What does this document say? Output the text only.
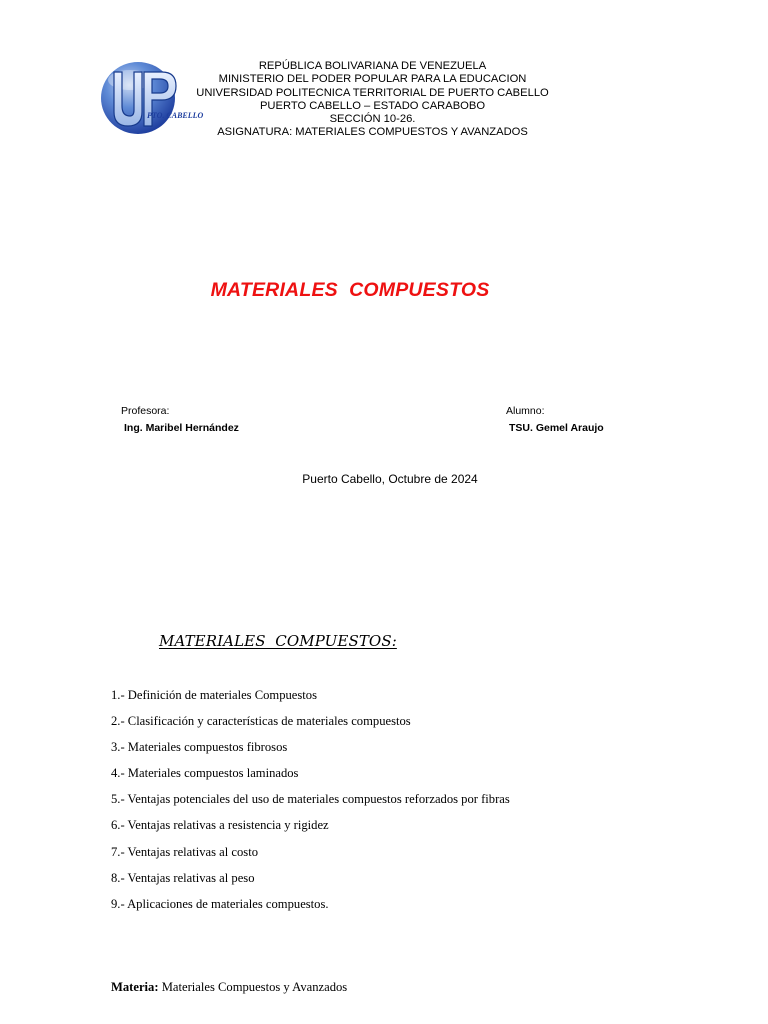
PTO. CABELLO
REPÚBLICA BOLIVARIANA DE VENEZUELA
MINISTERIO DEL PODER POPULAR PARA LA EDUCACION
UNIVERSIDAD POLITECNICA TERRITORIAL DE PUERTO CABELLO
PUERTO CABELLO – ESTADO CARABOBO
SECCIÓN 10-26.
ASIGNATURA: MATERIALES COMPUESTOS Y AVANZADOS
MATERIALES  COMPUESTOS
Profesora:
Ing. Maribel Hernández
Alumno:
TSU. Gemel Araujo
Puerto Cabello, Octubre de 2024
MATERIALES  COMPUESTOS:
1.- Definición de materiales Compuestos
2.- Clasificación y características de materiales compuestos
3.- Materiales compuestos fibrosos
4.- Materiales compuestos laminados
5.- Ventajas potenciales del uso de materiales compuestos reforzados por fibras
6.- Ventajas relativas a resistencia y rigidez
7.- Ventajas relativas al costo
8.- Ventajas relativas al peso
9.- Aplicaciones de materiales compuestos.
Materia: Materiales Compuestos y Avanzados
